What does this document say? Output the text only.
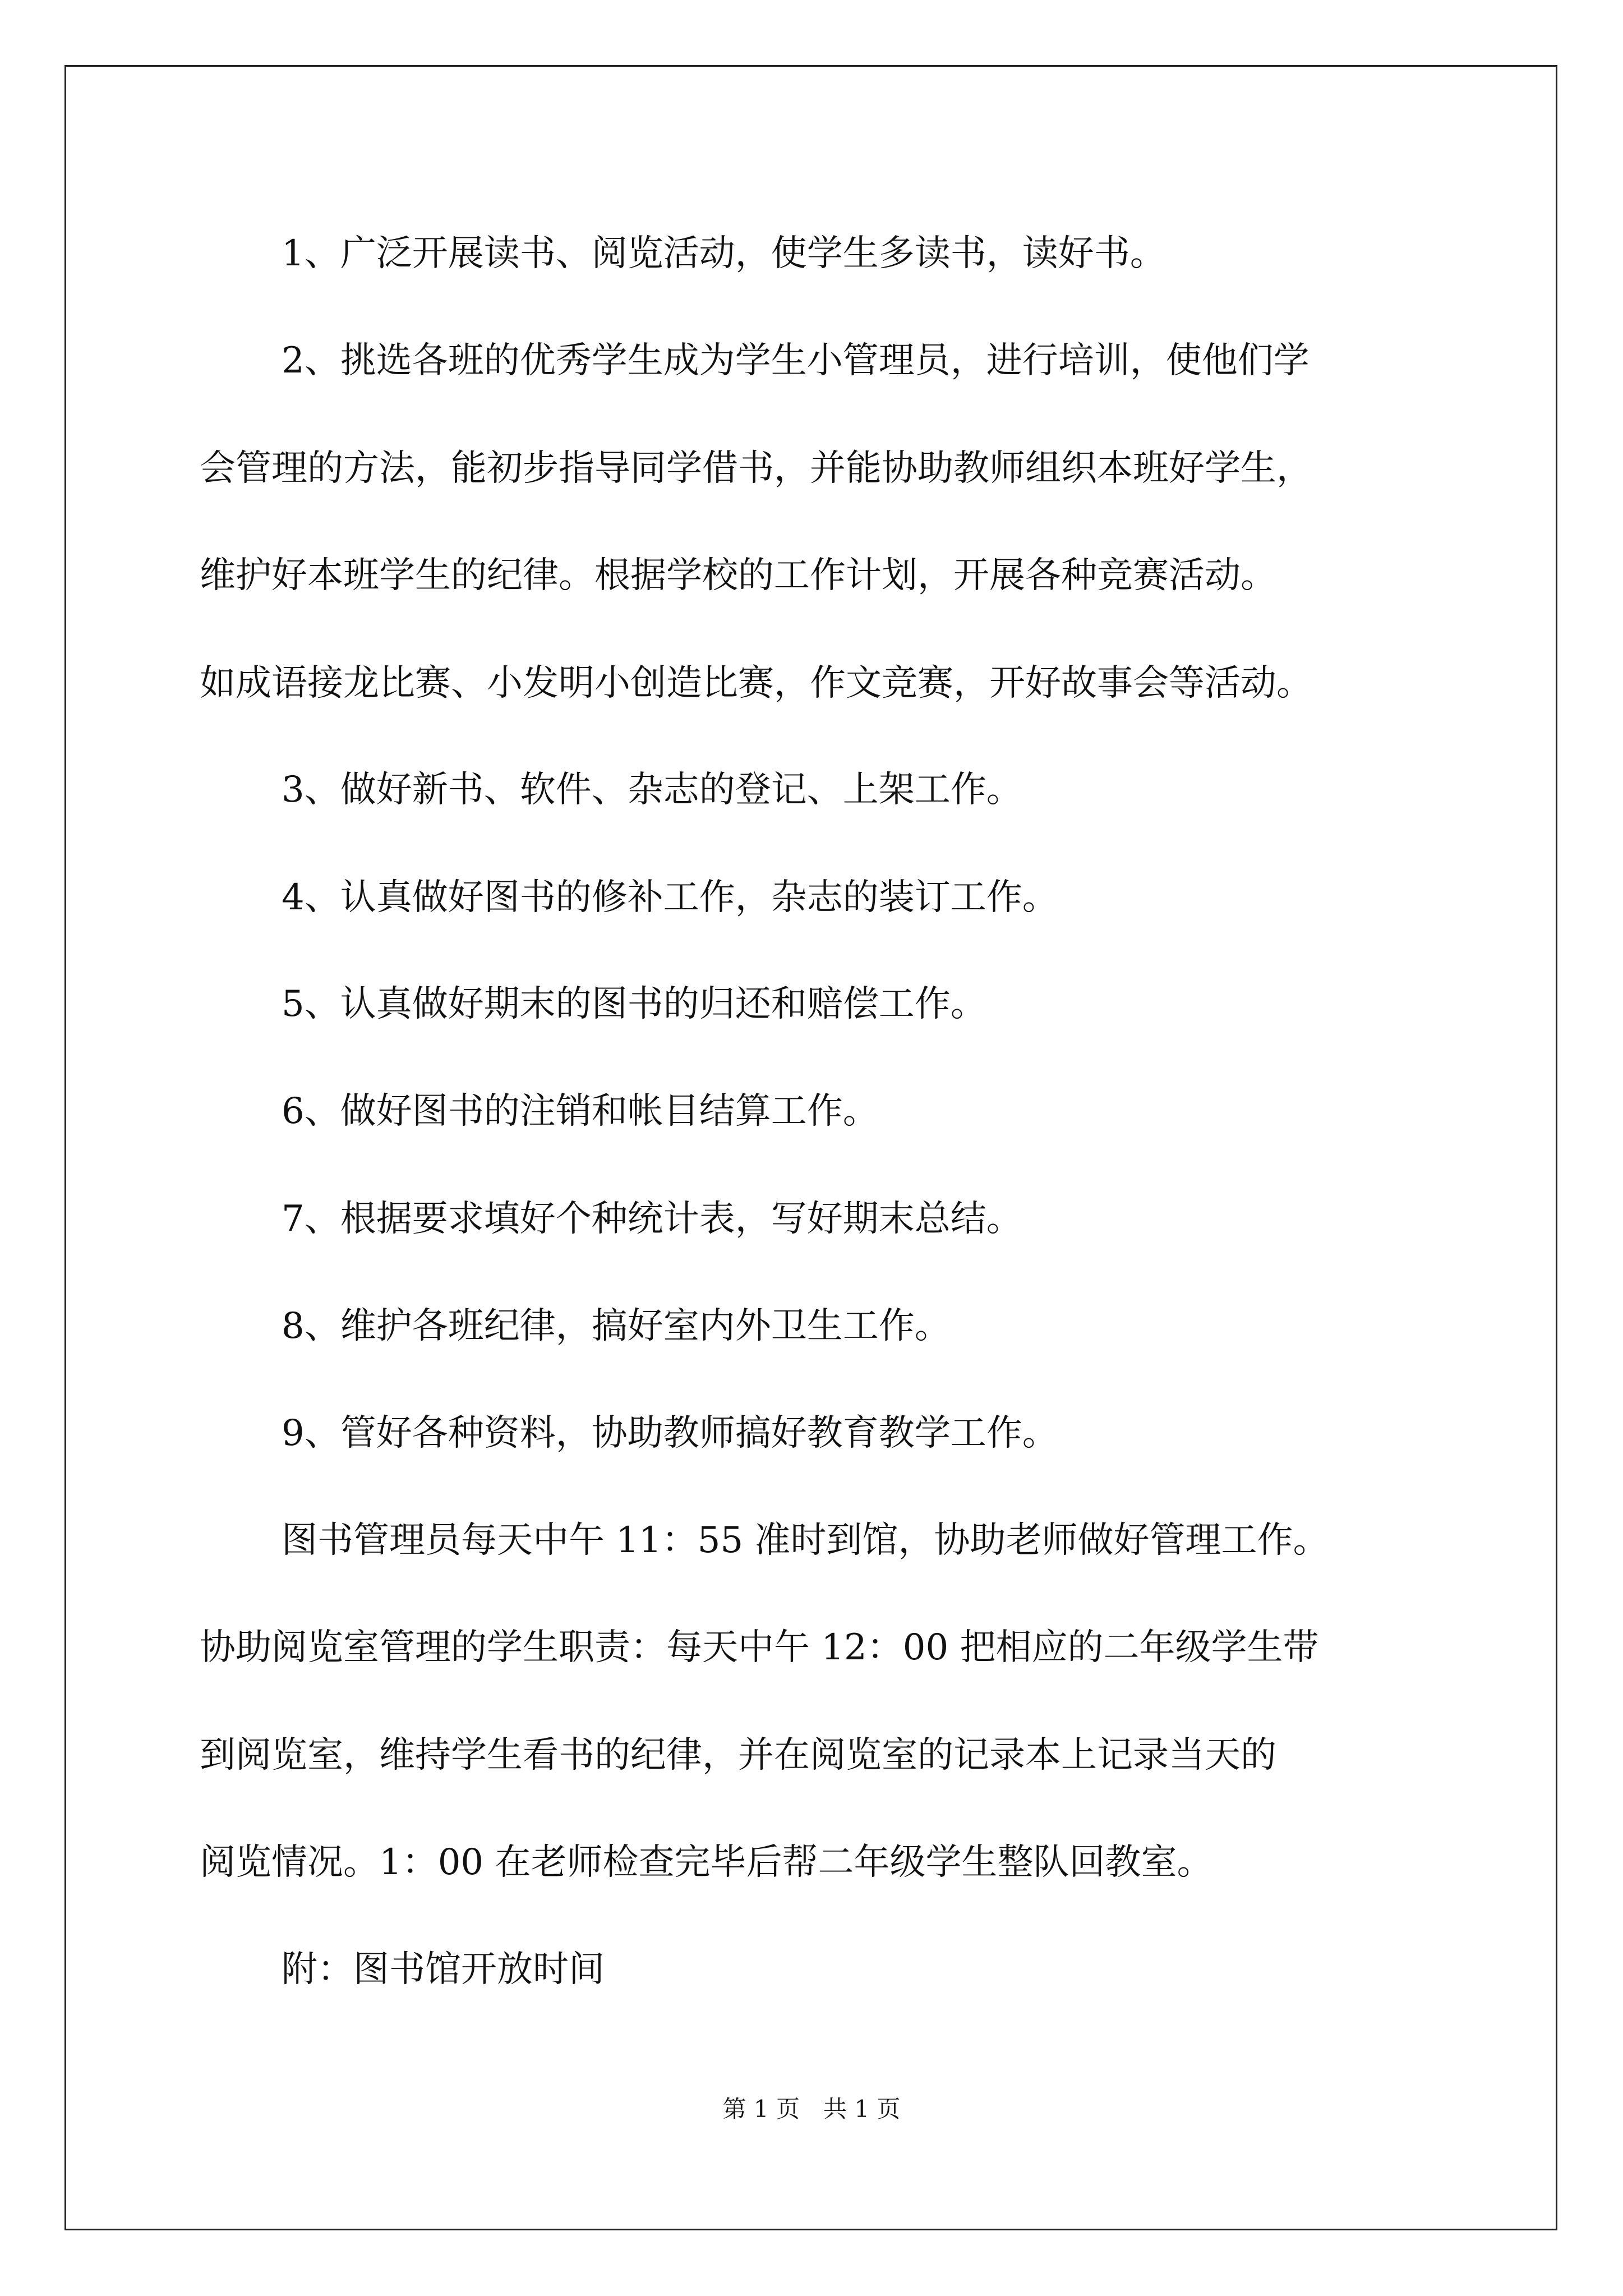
1、广泛开展读书、阅览活动，使学生多读书，读好书。
2、挑选各班的优秀学生成为学生小管理员，进行培训，使他们学
会管理的方法，能初步指导同学借书，并能协助教师组织本班好学生，
维护好本班学生的纪律。根据学校的工作计划，开展各种竞赛活动。
如成语接龙比赛、小发明小创造比赛，作文竞赛，开好故事会等活动。
3、做好新书、软件、杂志的登记、上架工作。
4、认真做好图书的修补工作，杂志的装订工作。
5、认真做好期末的图书的归还和赔偿工作。
6、做好图书的注销和帐目结算工作。
7、根据要求填好个种统计表，写好期末总结。
8、维护各班纪律，搞好室内外卫生工作。
9、管好各种资料，协助教师搞好教育教学工作。
图书管理员每天中午 11：55 准时到馆，协助老师做好管理工作。
协助阅览室管理的学生职责：每天中午 12：00 把相应的二年级学生带
到阅览室，维持学生看书的纪律，并在阅览室的记录本上记录当天的
阅览情况。1：00 在老师检查完毕后帮二年级学生整队回教室。
附：图书馆开放时间
第 1 页　共 1 页
